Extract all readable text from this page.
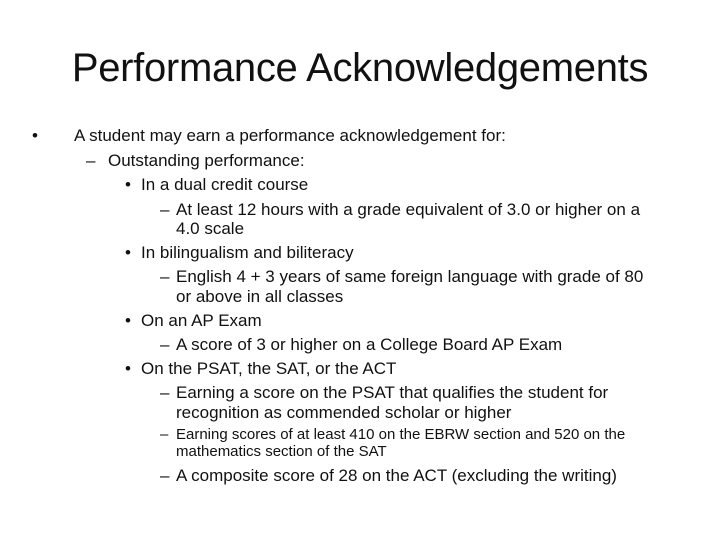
Performance Acknowledgements
• A student may earn a performance acknowledgement for:
– Outstanding performance:
• In a dual credit course
– At least 12 hours with a grade equivalent of 3.0 or higher on a
4.0 scale
• In bilingualism and biliteracy
– English 4 + 3 years of same foreign language with grade of 80
or above in all classes
• On an AP Exam
– A score of 3 or higher on a College Board AP Exam
• On the PSAT, the SAT, or the ACT
– Earning a score on the PSAT that qualifies the student for
recognition as commended scholar or higher
– Earning scores of at least 410 on the EBRW section and 520 on the
mathematics section of the SAT
– A composite score of 28 on the ACT (excluding the writing)
